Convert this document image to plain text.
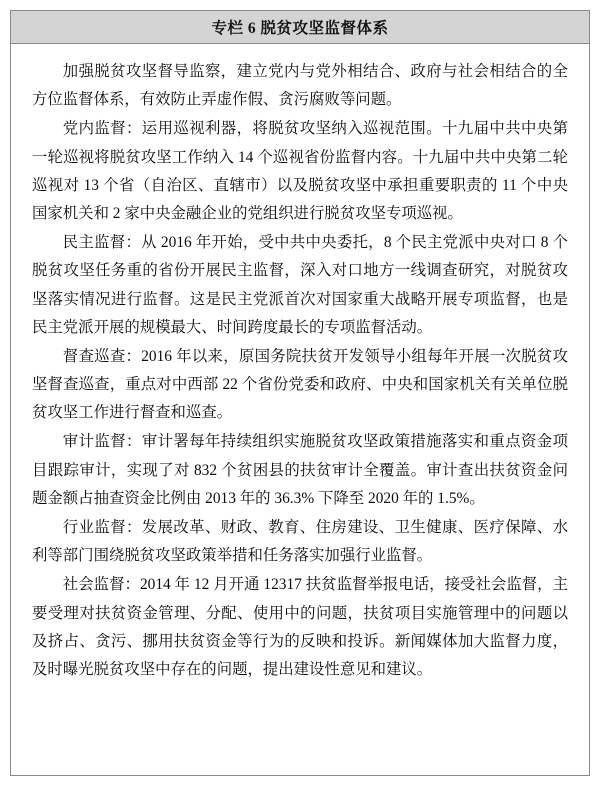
专栏 6 脱贫攻坚监督体系

加强脱贫攻坚督导监察，建立党内与党外相结合、政府与社会相结合的全方位监督体系，有效防止弄虚作假、贪污腐败等问题。

党内监督：运用巡视利器，将脱贫攻坚纳入巡视范围。十九届中共中央第一轮巡视将脱贫攻坚工作纳入 14 个巡视省份监督内容。十九届中共中央第二轮巡视对 13 个省（自治区、直辖市）以及脱贫攻坚中承担重要职责的 11 个中央国家机关和 2 家中央金融企业的党组织进行脱贫攻坚专项巡视。

民主监督：从 2016 年开始，受中共中央委托，8 个民主党派中央对口 8 个脱贫攻坚任务重的省份开展民主监督，深入对口地方一线调查研究，对脱贫攻坚落实情况进行监督。这是民主党派首次对国家重大战略开展专项监督，也是民主党派开展的规模最大、时间跨度最长的专项监督活动。

督查巡查：2016 年以来，原国务院扶贫开发领导小组每年开展一次脱贫攻坚督查巡查，重点对中西部 22 个省份党委和政府、中央和国家机关有关单位脱贫攻坚工作进行督查和巡查。

审计监督：审计署每年持续组织实施脱贫攻坚政策措施落实和重点资金项目跟踪审计，实现了对 832 个贫困县的扶贫审计全覆盖。审计查出扶贫资金问题金额占抽查资金比例由 2013 年的 36.3% 下降至 2020 年的 1.5%。

行业监督：发展改革、财政、教育、住房建设、卫生健康、医疗保障、水利等部门围绕脱贫攻坚政策举措和任务落实加强行业监督。

社会监督：2014 年 12 月开通 12317 扶贫监督举报电话，接受社会监督，主要受理对扶贫资金管理、分配、使用中的问题，扶贫项目实施管理中的问题以及挤占、贪污、挪用扶贫资金等行为的反映和投诉。新闻媒体加大监督力度，及时曝光脱贫攻坚中存在的问题，提出建设性意见和建议。
